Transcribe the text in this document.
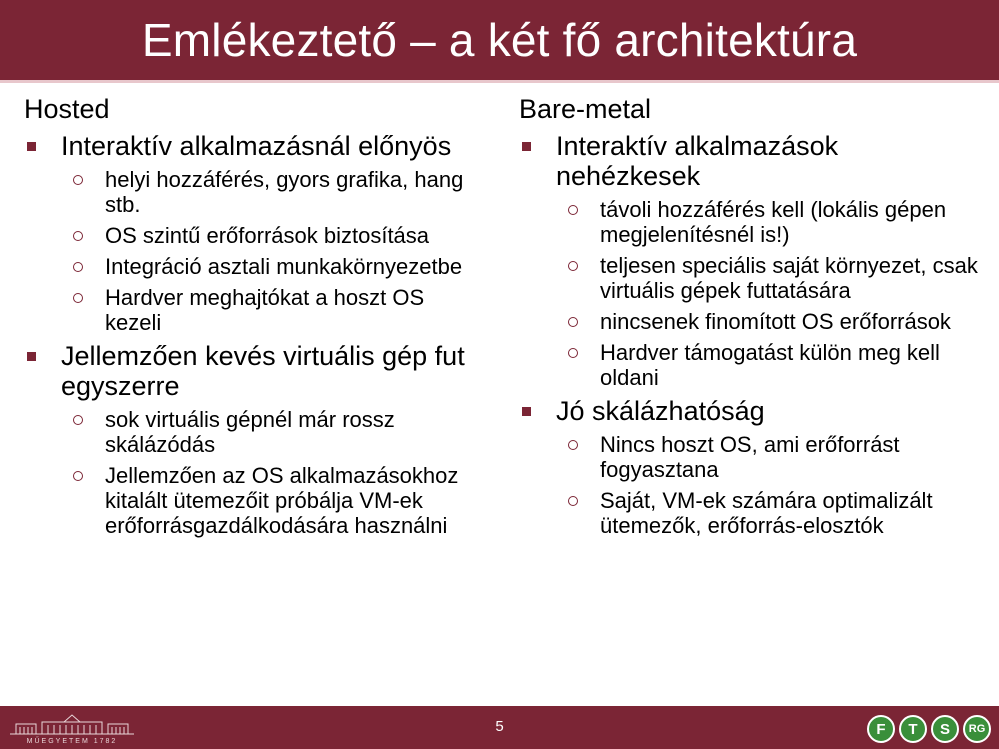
Emlékeztető – a két fő architektúra
Hosted
Interaktív alkalmazásnál előnyös
helyi hozzáférés, gyors grafika, hang stb.
OS szintű erőforrások biztosítása
Integráció asztali munkakörnyezetbe
Hardver meghajtókat a hoszt OS kezeli
Jellemzően kevés virtuális gép fut egyszerre
sok virtuális gépnél már rossz skálázódás
Jellemzően az OS alkalmazásokhoz kitalált ütemezőit próbálja VM-ek erőforrásgazdálkodására használni
Bare-metal
Interaktív alkalmazások nehézkesek
távoli hozzáférés kell (lokális gépen megjelenítésnél is!)
teljesen speciális saját környezet, csak virtuális gépek futtatására
nincsenek finomított OS erőforrások
Hardver támogatást külön meg kell oldani
Jó skálázhatóság
Nincs hoszt OS, ami erőforrást fogyasztana
Saját, VM-ek számára optimalizált ütemezők, erőforrás-elosztók
MŰEGYETEM 1782
5	F	T	S	RG
